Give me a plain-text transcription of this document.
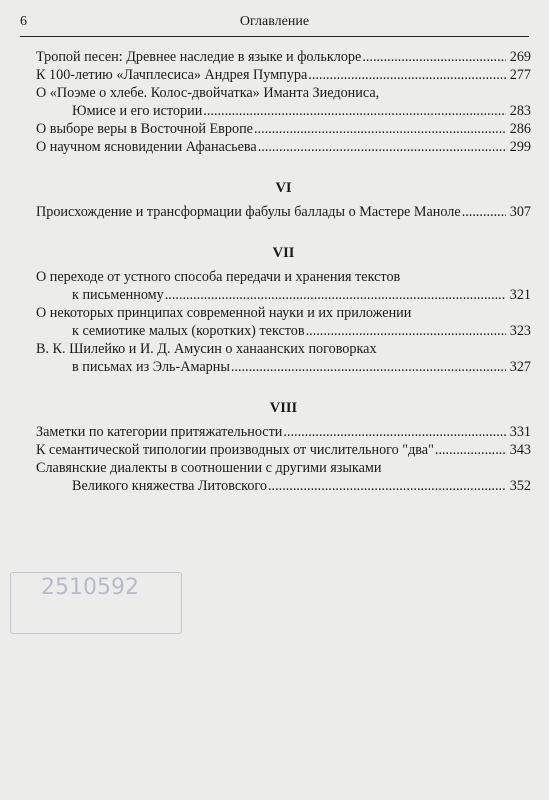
6	Оглавление
2510592
Тропой песен: Древнее наследие в языке и фольклоре .....	269
К 100-летию «Лачплесиса» Андрея Пумпура .....	277
О «Поэме о хлебе. Колос-двойчатка» Иманта Зиедониса,
Юмисе и его истории .....	283
О выборе веры в Восточной Европе .....	286
О научном ясновидении Афанасьева .....	299
VI
Происхождение и трансформации фабулы баллады о Мастере Маноле .....	307
VII
О переходе от устного способа передачи и хранения текстов
к письменному .....	321
О некоторых принципах современной науки и их приложении
к семиотике малых (коротких) текстов .....	323
В. К. Шилейко и И. Д. Амусин о ханаанских поговорках
в письмах из Эль-Амарны .....	327
VIII
Заметки по категории притяжательности .....	331
К семантической типологии производных от числительного "два" .....	343
Славянские диалекты в соотношении с другими языками
Великого княжества Литовского .....	352
